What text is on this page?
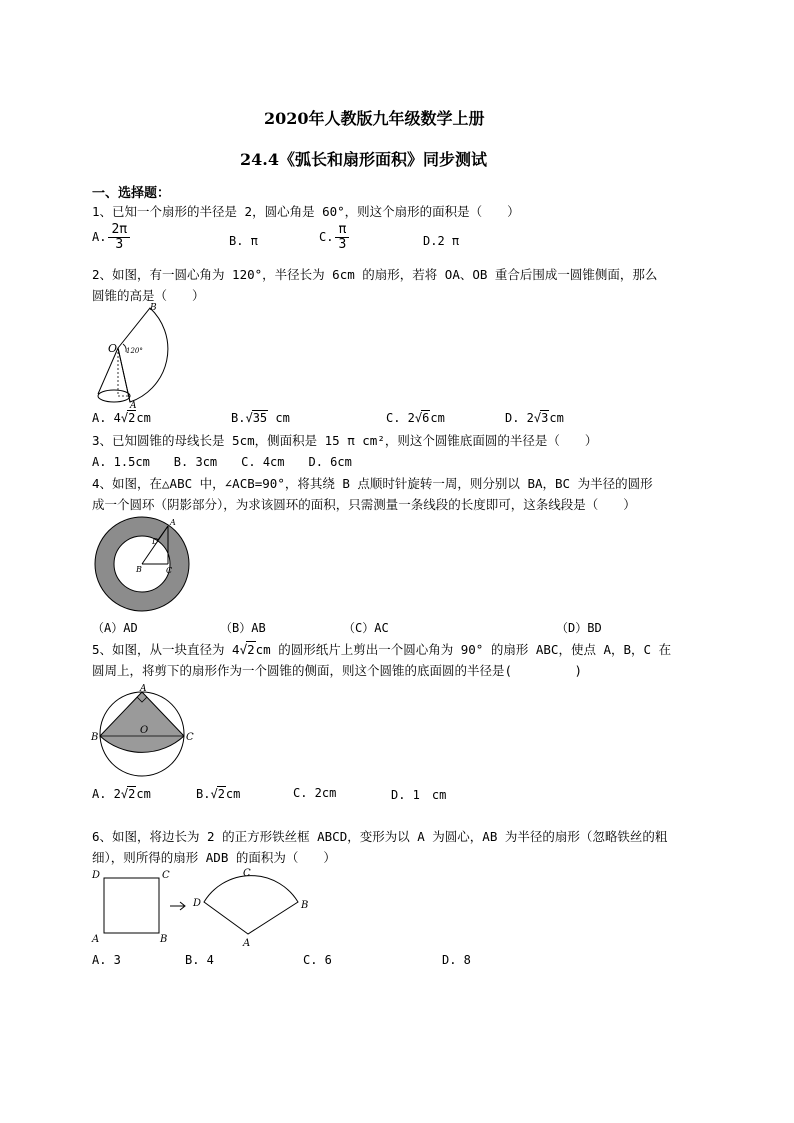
2020年人教版九年级数学上册
24.4《弧长和扇形面积》同步测试
一、选择题：
1、已知一个扇形的半径是 2，圆心角是 60°，则这个扇形的面积是（　　）
A. $\frac{2\pi}{3}$	B. π	C. $\frac{\pi}{3}$	D.2 π
2、如图，有一圆心角为 120°，半径长为 6cm 的扇形，若将 OA、OB 重合后围成一圆锥侧面，那么
圆锥的高是（　　）
O
B
A
120°
A. 4√2cm	B.√35 cm	C. 2√6cm	D. 2√3cm
3、已知圆锥的母线长是 5cm，侧面积是 15 π cm²，则这个圆锥底面圆的半径是（　　）
A. 1.5cm　　B. 3cm　　C. 4cm　　D. 6cm
4、如图，在△ABC 中，∠ACB=90°，将其绕 B 点顺时针旋转一周，则分别以 BA，BC 为半径的圆形
成一个圆环（阴影部分），为求该圆环的面积，只需测量一条线段的长度即可，这条线段是（　　）
A
D
B	C
（A）AD	（B）AB	（C）AC	（D）BD
5、如图，从一块直径为 4√2cm 的圆形纸片上剪出一个圆心角为 90° 的扇形 ABC，使点 A，B，C 在
圆周上，将剪下的扇形作为一个圆锥的侧面，则这个圆锥的底面圆的半径是(　　　　　)
A
B	C
O
A. 2√2cm	B.√2cm	C. 2cm	D. 1　cm
6、如图，将边长为 2 的正方形铁丝框 ABCD，变形为以 A 为圆心，AB 为半径的扇形（忽略铁丝的粗
细），则所得的扇形 ADB 的面积为（　　）
D	C
A	B
D
C
B
A
A. 3	B. 4	C. 6	D. 8
